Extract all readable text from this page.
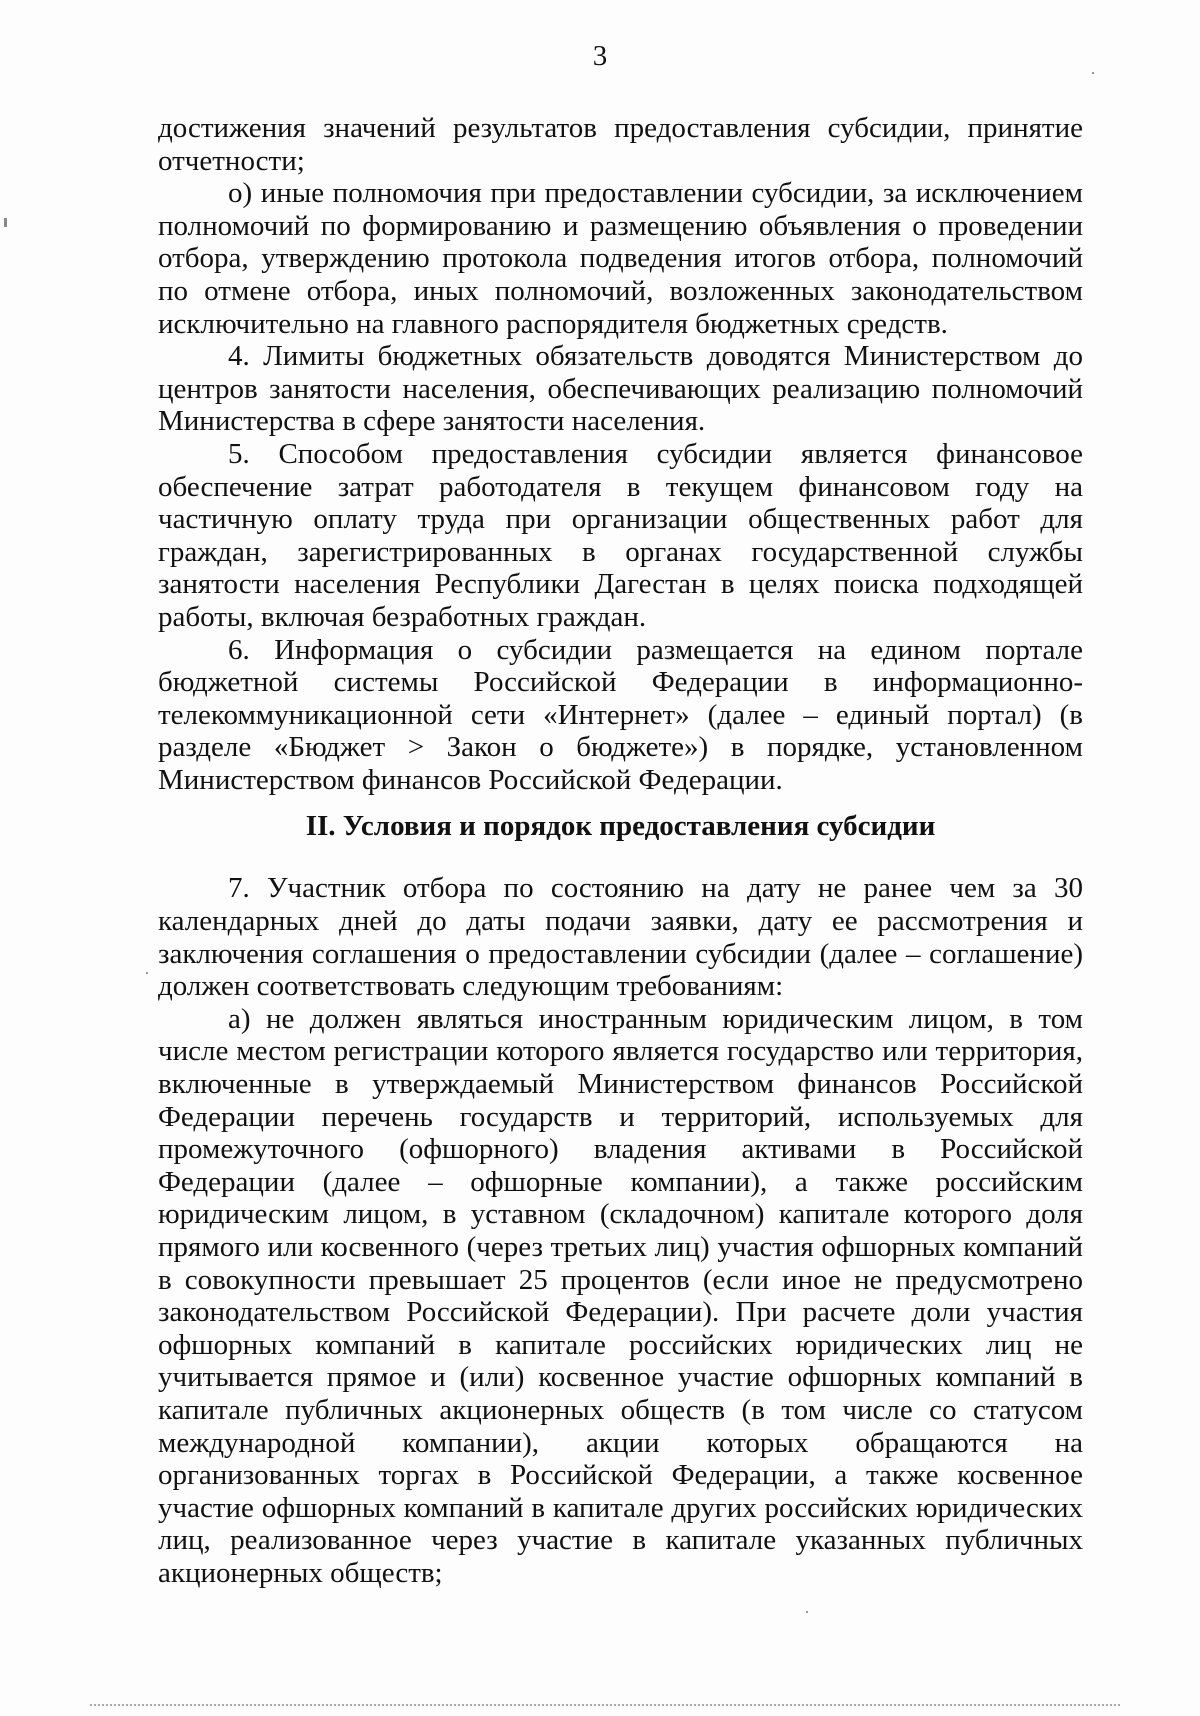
3

достижения значений результатов предоставления субсидии, принятие отчетности;

о) иные полномочия при предоставлении субсидии, за исключением полномочий по формированию и размещению объявления о проведении отбора, утверждению протокола подведения итогов отбора, полномочий по отмене отбора, иных полномочий, возложенных законодательством исключительно на главного распорядителя бюджетных средств.

4. Лимиты бюджетных обязательств доводятся Министерством до центров занятости населения, обеспечивающих реализацию полномочий Министерства в сфере занятости населения.

5. Способом предоставления субсидии является финансовое обеспечение затрат работодателя в текущем финансовом году на частичную оплату труда при организации общественных работ для граждан, зарегистрированных в органах государственной службы занятости населения Республики Дагестан в целях поиска подходящей работы, включая безработных граждан.

6. Информация о субсидии размещается на едином портале бюджетной системы Российской Федерации в информационно-телекоммуникационной сети «Интернет» (далее – единый портал) (в разделе «Бюджет > Закон о бюджете») в порядке, установленном Министерством финансов Российской Федерации.

II. Условия и порядок предоставления субсидии

7. Участник отбора по состоянию на дату не ранее чем за 30 календарных дней до даты подачи заявки, дату ее рассмотрения и заключения соглашения о предоставлении субсидии (далее – соглашение) должен соответствовать следующим требованиям:

а) не должен являться иностранным юридическим лицом, в том числе местом регистрации которого является государство или территория, включенные в утверждаемый Министерством финансов Российской Федерации перечень государств и территорий, используемых для промежуточного (офшорного) владения активами в Российской Федерации (далее – офшорные компании), а также российским юридическим лицом, в уставном (складочном) капитале которого доля прямого или косвенного (через третьих лиц) участия офшорных компаний в совокупности превышает 25 процентов (если иное не предусмотрено законодательством Российской Федерации). При расчете доли участия офшорных компаний в капитале российских юридических лиц не учитывается прямое и (или) косвенное участие офшорных компаний в капитале публичных акционерных обществ (в том числе со статусом международной компании), акции которых обращаются на организованных торгах в Российской Федерации, а также косвенное участие офшорных компаний в капитале других российских юридических лиц, реализованное через участие в капитале указанных публичных акционерных обществ;
